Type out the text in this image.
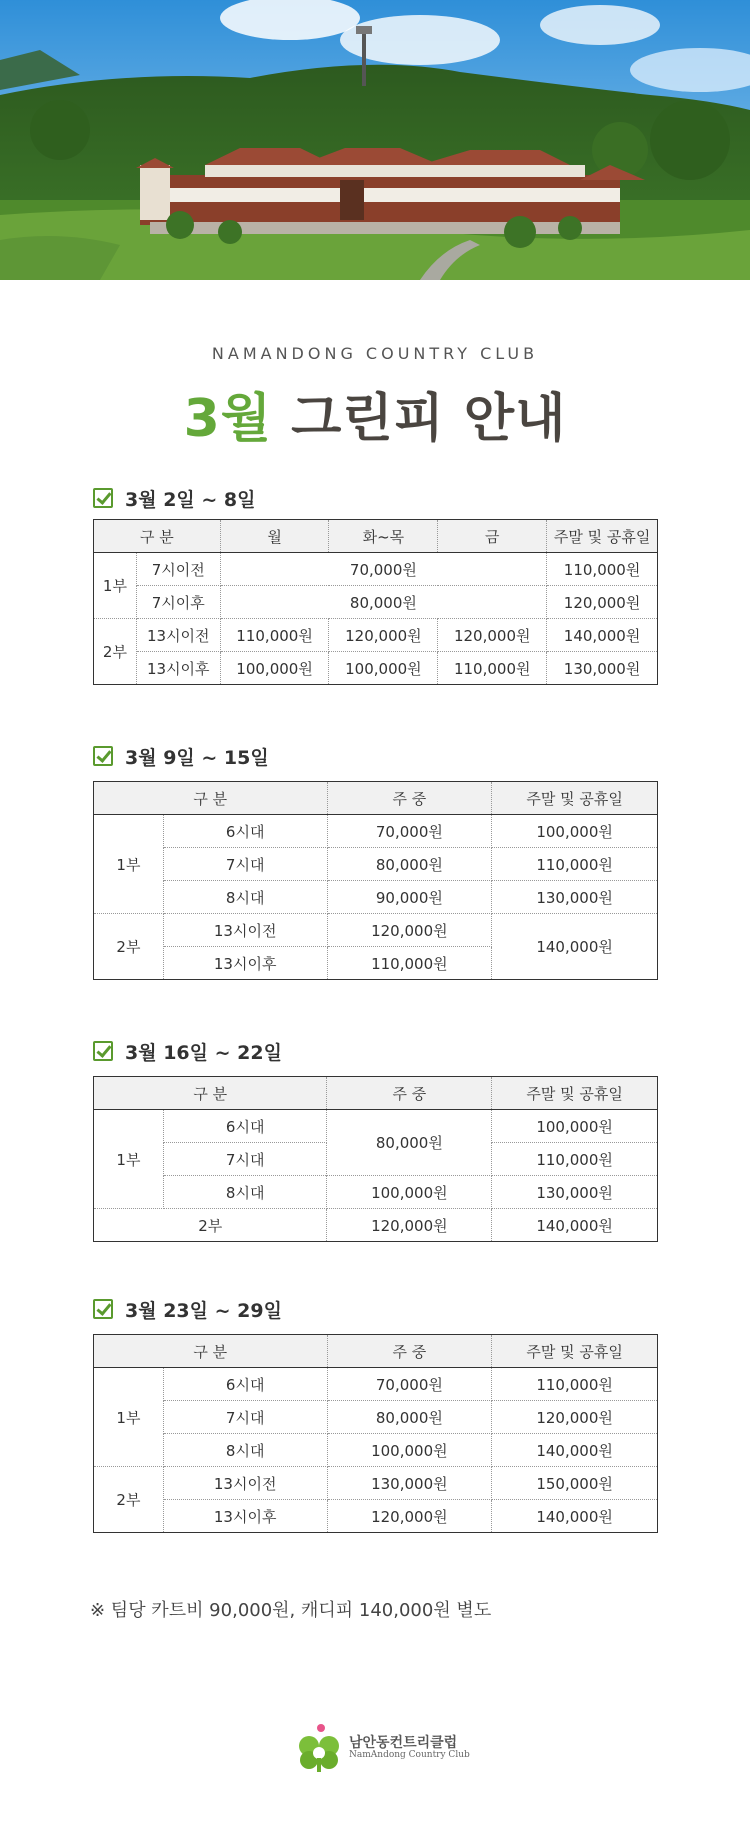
NAMANDONG COUNTRY CLUB
3월 그린피 안내
3월 2일 ~ 8일
구 분		월	화~목	금	주말 및 공휴일
1부	7시이전	70,000원			110,000원
	7시이후	80,000원			120,000원
2부	13시이전	110,000원	120,000원	120,000원	140,000원
	13시이후	100,000원	100,000원	110,000원	130,000원
3월 9일 ~ 15일
구 분		주 중	주말 및 공휴일
1부	6시대	70,000원	100,000원
	7시대	80,000원	110,000원
	8시대	90,000원	130,000원
2부	13시이전	120,000원	140,000원
	13시이후	110,000원	
3월 16일 ~ 22일
구 분		주 중	주말 및 공휴일
1부	6시대	80,000원	100,000원
	7시대		110,000원
	8시대	100,000원	130,000원
2부		120,000원	140,000원
3월 23일 ~ 29일
구 분		주 중	주말 및 공휴일
1부	6시대	70,000원	110,000원
	7시대	80,000원	120,000원
	8시대	100,000원	140,000원
2부	13시이전	130,000원	150,000원
	13시이후	120,000원	140,000원
※ 팀당 카트비 90,000원, 캐디피 140,000원 별도
남안동컨트리클럽
NamAndong Country Club
